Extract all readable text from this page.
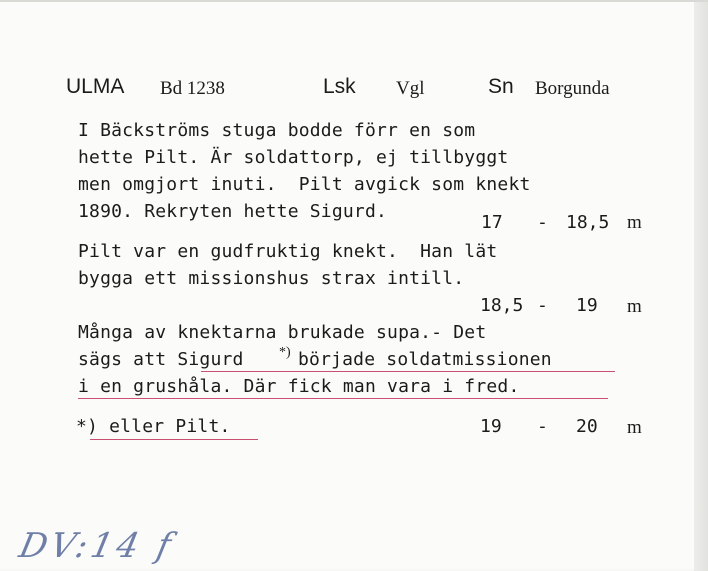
ULMA Bd 1238	Lsk Vgl	Sn Borgunda
I Bäckströms stuga bodde förr en som
hette Pilt. Är soldattorp, ej tillbyggt
men omgjort inuti.  Pilt avgick som knekt
1890. Rekryten hette Sigurd.
17 - 18,5 m
Pilt var en gudfruktig knekt.  Han lät
bygga ett missionshus strax intill.
18,5 - 19 m
Många av knektarna brukade supa.- Det
sägs att Sigurd	*) började soldatmissionen
i en grushåla. Där fick man vara i fred.
*) eller Pilt.	19 - 20 m
DV:14 f
